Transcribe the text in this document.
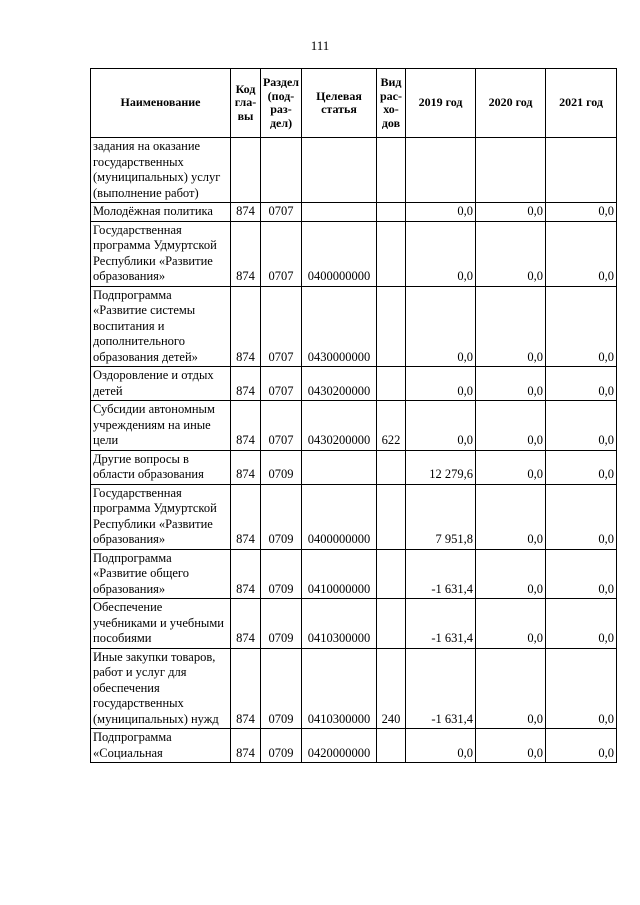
111
Наименование	Код гла-вы	Раздел (под-раз-дел)	Целевая статья	Вид рас-хо-дов	2019 год	2020 год	2021 год
задания на оказание государственных (муниципальных) услуг (выполнение работ)							
Молодёжная политика	874	0707			0,0	0,0	0,0
Государственная программа Удмуртской Республики «Развитие образования»	874	0707	0400000000		0,0	0,0	0,0
Подпрограмма «Развитие системы воспитания и дополнительного образования детей»	874	0707	0430000000		0,0	0,0	0,0
Оздоровление и отдых детей	874	0707	0430200000		0,0	0,0	0,0
Субсидии автономным учреждениям на иные цели	874	0707	0430200000	622	0,0	0,0	0,0
Другие вопросы в области образования	874	0709			12 279,6	0,0	0,0
Государственная программа Удмуртской Республики «Развитие образования»	874	0709	0400000000		7 951,8	0,0	0,0
Подпрограмма «Развитие общего образования»	874	0709	0410000000		-1 631,4	0,0	0,0
Обеспечение учебниками и учебными пособиями	874	0709	0410300000		-1 631,4	0,0	0,0
Иные закупки товаров, работ и услуг для обеспечения государственных (муниципальных) нужд	874	0709	0410300000	240	-1 631,4	0,0	0,0
Подпрограмма «Социальная	874	0709	0420000000		0,0	0,0	0,0
